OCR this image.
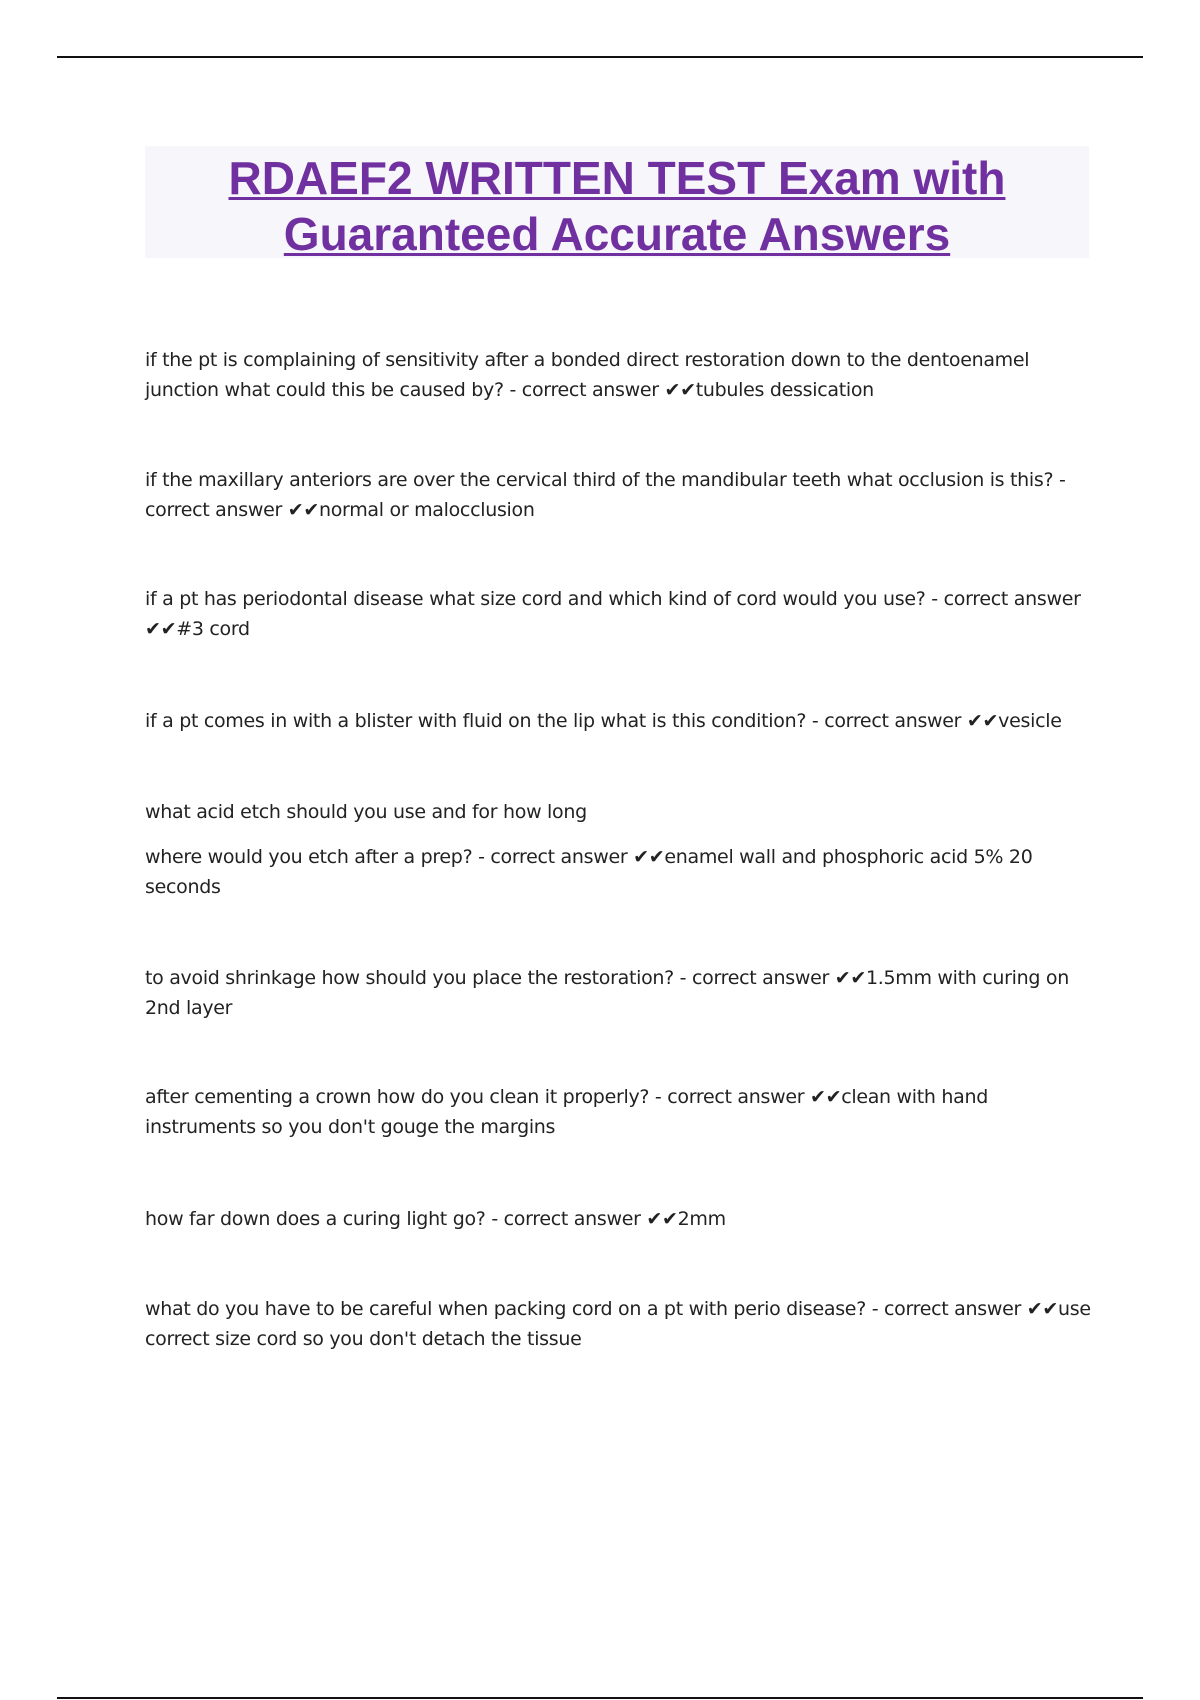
RDAEF2 WRITTEN TEST Exam with
Guaranteed Accurate Answers

if the pt is complaining of sensitivity after a bonded direct restoration down to the dentoenamel junction what could this be caused by? - correct answer ✔✔tubules dessication

if the maxillary anteriors are over the cervical third of the mandibular teeth what occlusion is this? - correct answer ✔✔normal or malocclusion

if a pt has periodontal disease what size cord and which kind of cord would you use? - correct answer ✔✔#3 cord

if a pt comes in with a blister with fluid on the lip what is this condition? - correct answer ✔✔vesicle

what acid etch should you use and for how long

where would you etch after a prep? - correct answer ✔✔enamel wall and phosphoric acid 5% 20 seconds

to avoid shrinkage how should you place the restoration? - correct answer ✔✔1.5mm with curing on 2nd layer

after cementing a crown how do you clean it properly? - correct answer ✔✔clean with hand instruments so you don't gouge the margins

how far down does a curing light go? - correct answer ✔✔2mm

what do you have to be careful when packing cord on a pt with perio disease? - correct answer ✔✔use correct size cord so you don't detach the tissue
